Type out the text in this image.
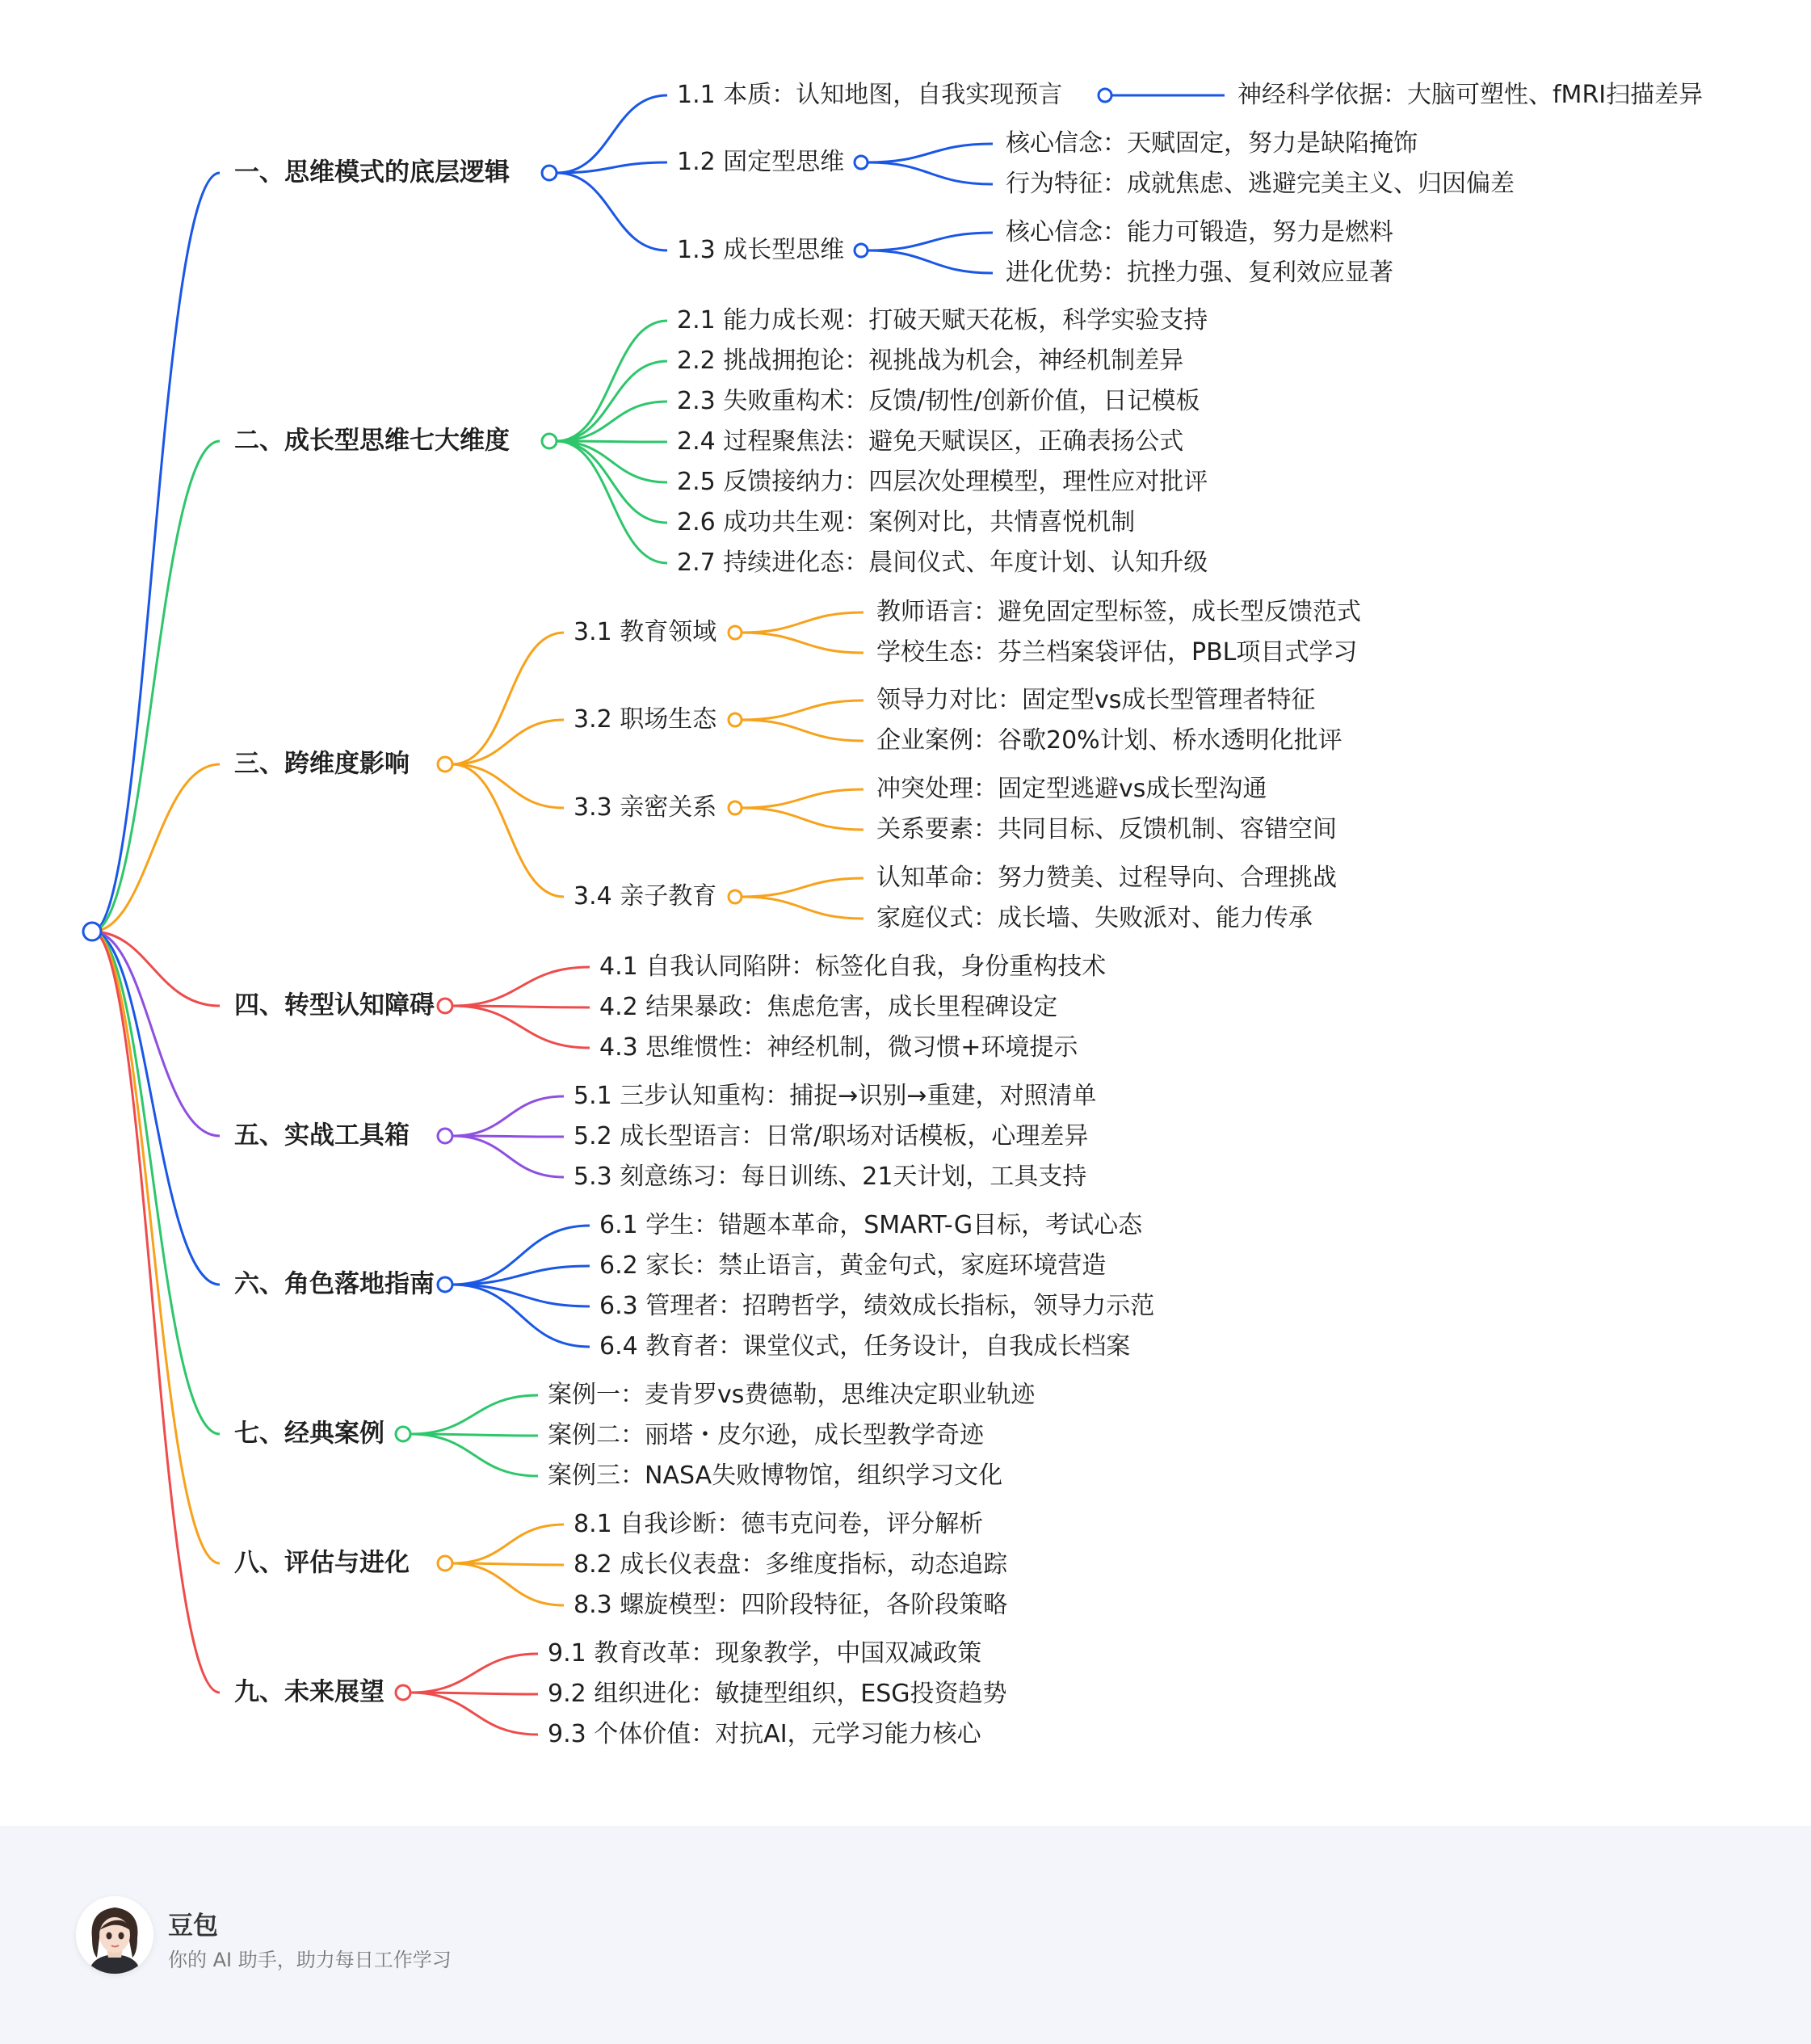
一、思维模式的底层逻辑
1.1 本质：认知地图，自我实现预言	神经科学依据：大脑可塑性、fMRI扫描差异
1.2 固定型思维
核心信念：天赋固定，努力是缺陷掩饰
行为特征：成就焦虑、逃避完美主义、归因偏差
1.3 成长型思维
核心信念：能力可锻造，努力是燃料
进化优势：抗挫力强、复利效应显著
二、成长型思维七大维度
2.1 能力成长观：打破天赋天花板，科学实验支持
2.2 挑战拥抱论：视挑战为机会，神经机制差异
2.3 失败重构术：反馈/韧性/创新价值，日记模板
2.4 过程聚焦法：避免天赋误区，正确表扬公式
2.5 反馈接纳力：四层次处理模型，理性应对批评
2.6 成功共生观：案例对比，共情喜悦机制
2.7 持续进化态：晨间仪式、年度计划、认知升级
三、跨维度影响
3.1 教育领域
教师语言：避免固定型标签，成长型反馈范式
学校生态：芬兰档案袋评估，PBL项目式学习
3.2 职场生态
领导力对比：固定型vs成长型管理者特征
企业案例：谷歌20%计划、桥水透明化批评
3.3 亲密关系
冲突处理：固定型逃避vs成长型沟通
关系要素：共同目标、反馈机制、容错空间
3.4 亲子教育
认知革命：努力赞美、过程导向、合理挑战
家庭仪式：成长墙、失败派对、能力传承
四、转型认知障碍
4.1 自我认同陷阱：标签化自我，身份重构技术
4.2 结果暴政：焦虑危害，成长里程碑设定
4.3 思维惯性：神经机制，微习惯+环境提示
五、实战工具箱
5.1 三步认知重构：捕捉→识别→重建，对照清单
5.2 成长型语言：日常/职场对话模板，心理差异
5.3 刻意练习：每日训练、21天计划，工具支持
六、角色落地指南
6.1 学生：错题本革命，SMART-G目标，考试心态
6.2 家长：禁止语言，黄金句式，家庭环境营造
6.3 管理者：招聘哲学，绩效成长指标，领导力示范
6.4 教育者：课堂仪式，任务设计，自我成长档案
七、经典案例
案例一：麦肯罗vs费德勒，思维决定职业轨迹
案例二：丽塔・皮尔逊，成长型教学奇迹
案例三：NASA失败博物馆，组织学习文化
八、评估与进化
8.1 自我诊断：德韦克问卷，评分解析
8.2 成长仪表盘：多维度指标，动态追踪
8.3 螺旋模型：四阶段特征，各阶段策略
九、未来展望
9.1 教育改革：现象教学，中国双减政策
9.2 组织进化：敏捷型组织，ESG投资趋势
9.3 个体价值：对抗AI，元学习能力核心
豆包
你的 AI 助手，助力每日工作学习
